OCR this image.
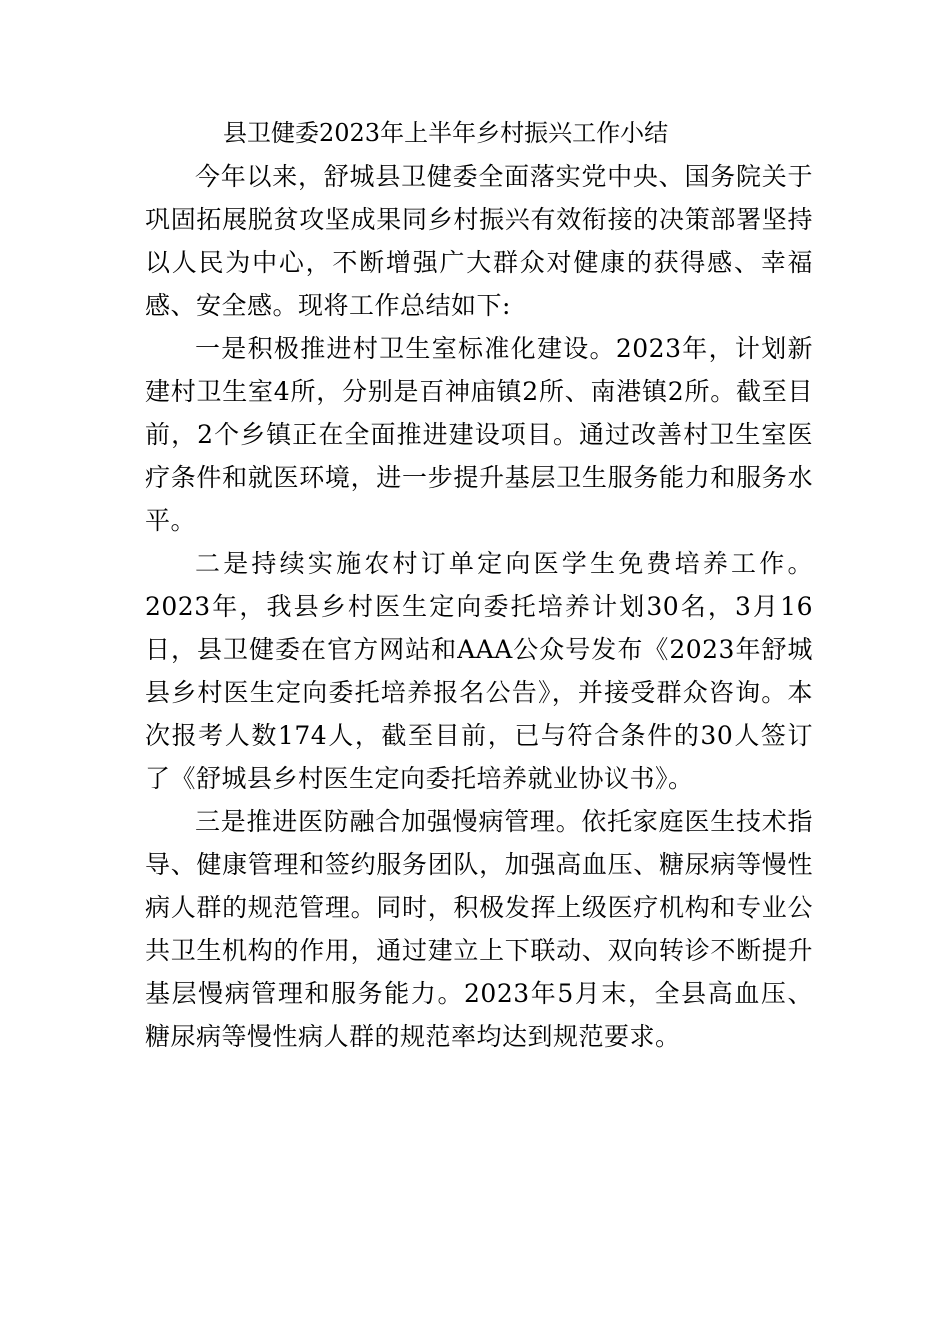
县卫健委2023年上半年乡村振兴工作小结

今年以来，舒城县卫健委全面落实党中央、国务院关于巩固拓展脱贫攻坚成果同乡村振兴有效衔接的决策部署坚持以人民为中心，不断增强广大群众对健康的获得感、幸福感、安全感。现将工作总结如下:

一是积极推进村卫生室标准化建设。2023年，计划新建村卫生室4所，分别是百神庙镇2所、南港镇2所。截至目前，2个乡镇正在全面推进建设项目。通过改善村卫生室医疗条件和就医环境，进一步提升基层卫生服务能力和服务水平。

二是持续实施农村订单定向医学生免费培养工作。2023年，我县乡村医生定向委托培养计划30名，3月16日，县卫健委在官方网站和AAA公众号发布《2023年舒城县乡村医生定向委托培养报名公告》，并接受群众咨询。本次报考人数174人，截至目前，已与符合条件的30人签订了《舒城县乡村医生定向委托培养就业协议书》。

三是推进医防融合加强慢病管理。依托家庭医生技术指导、健康管理和签约服务团队，加强高血压、糖尿病等慢性病人群的规范管理。同时，积极发挥上级医疗机构和专业公共卫生机构的作用，通过建立上下联动、双向转诊不断提升基层慢病管理和服务能力。2023年5月末，全县高血压、糖尿病等慢性病人群的规范率均达到规范要求。
